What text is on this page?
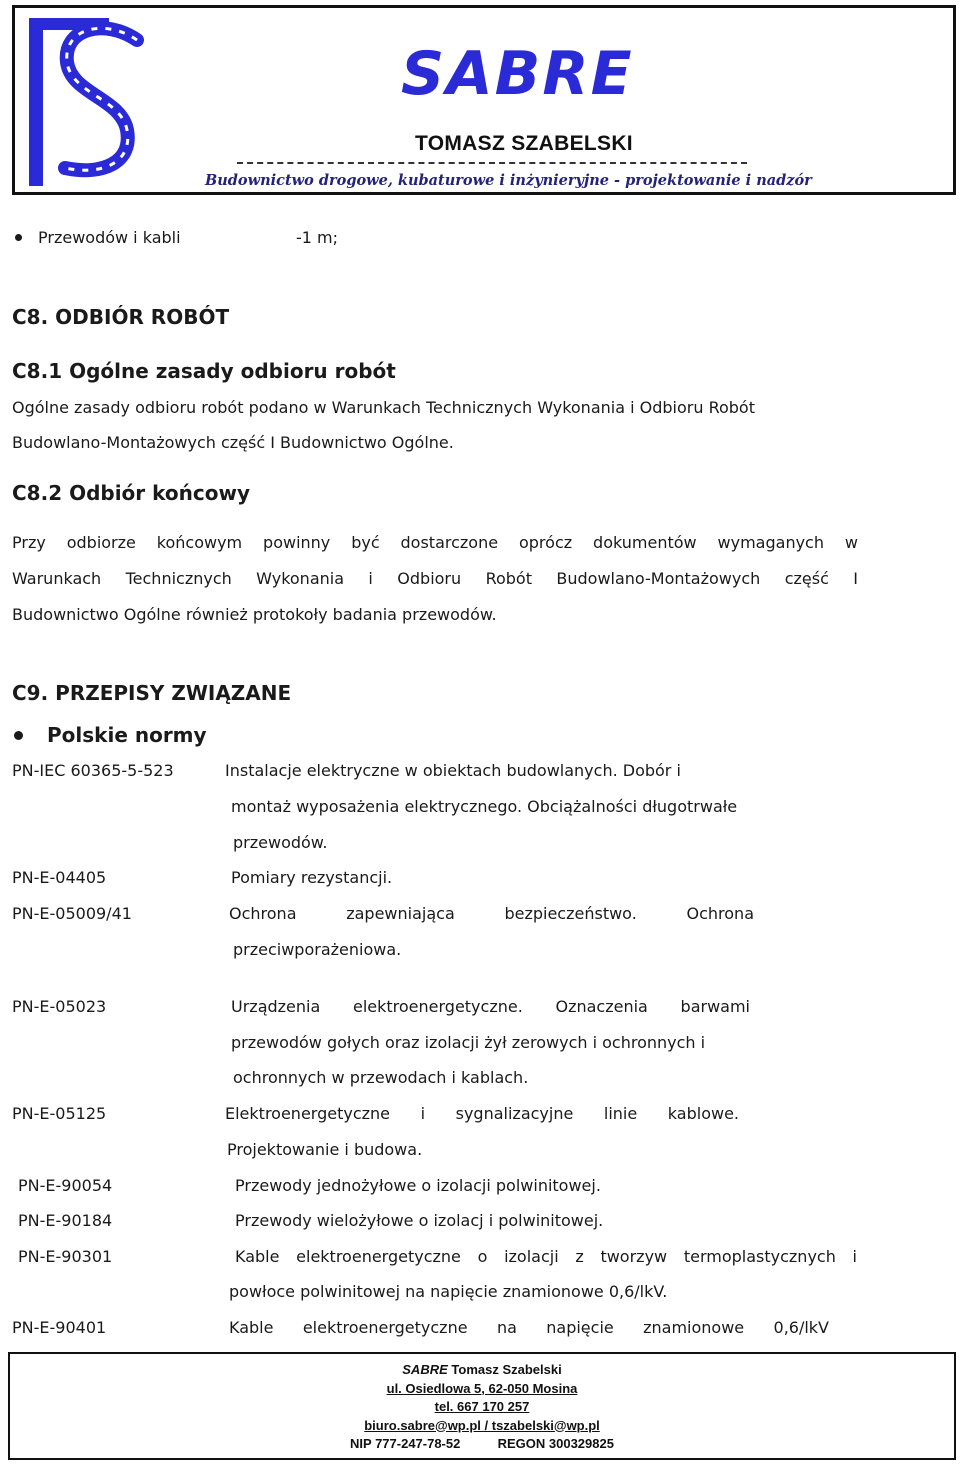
SABRE
TOMASZ SZABELSKI
Budownictwo drogowe, kubaturowe i inżynieryjne - projektowanie i nadzór
Przewodów i kabli	-1 m;
C8. ODBIÓR ROBÓT
C8.1 Ogólne zasady odbioru robót
Ogólne zasady odbioru robót podano w Warunkach Technicznych Wykonania i Odbioru Robót
Budowlano-Montażowych część I Budownictwo Ogólne.
C8.2 Odbiór końcowy
Przy odbiorze końcowym powinny być dostarczone oprócz dokumentów wymaganych w
Warunkach Technicznych Wykonania i Odbioru Robót Budowlano-Montażowych część I
Budownictwo Ogólne również protokoły badania przewodów.
C9. PRZEPISY ZWIĄZANE
Polskie normy
PN-IEC 60365-5-523	Instalacje elektryczne w obiektach budowlanych. Dobór i
montaż wyposażenia elektrycznego. Obciążalności długotrwałe
przewodów.
PN-E-04405	Pomiary rezystancji.
PN-E-05009/41	Ochrona zapewniająca bezpieczeństwo. Ochrona
przeciwporażeniowa.
PN-E-05023	Urządzenia elektroenergetyczne. Oznaczenia barwami
przewodów gołych oraz izolacji żył zerowych i ochronnych i
ochronnych w przewodach i kablach.
PN-E-05125	Elektroenergetyczne i sygnalizacyjne linie kablowe.
Projektowanie i budowa.
PN-E-90054	Przewody jednożyłowe o izolacji polwinitowej.
PN-E-90184	Przewody wielożyłowe o izolacj i polwinitowej.
PN-E-90301	Kable elektroenergetyczne o izolacji z tworzyw termoplastycznych i
powłoce polwinitowej na napięcie znamionowe 0,6/lkV.
PN-E-90401	Kable elektroenergetyczne na napięcie znamionowe 0,6/lkV
SABRE Tomasz Szabelski
ul. Osiedlowa 5, 62-050 Mosina
tel. 667 170 257
biuro.sabre@wp.pl / tszabelski@wp.pl
NIP 777-247-78-52	REGON 300329825
